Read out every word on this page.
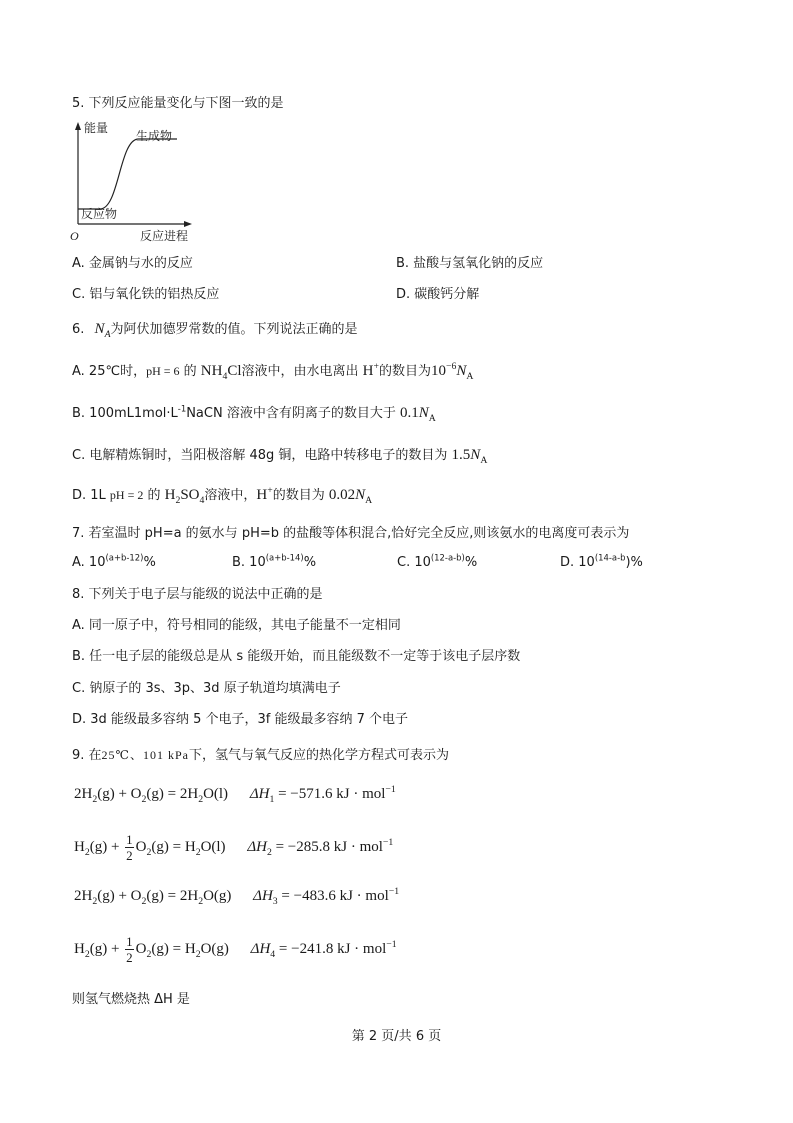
5. 下列反应能量变化与下图一致的是
能量
生成物
反应物
O	反应进程
A. 金属钠与水的反应	B. 盐酸与氢氧化钠的反应
C. 铝与氧化铁的铝热反应	D. 碳酸钙分解
6. $N_A$为阿伏加德罗常数的值。下列说法正确的是
A. 25℃时，pH = 6 的 $NH_4Cl$溶液中，由水电离出 H+的数目为$10^{-6}N_A$
B. $100mL1mol\cdot L^{-1}NaCN$ 溶液中含有阴离子的数目大于 $0.1N_A$
C. 电解精炼铜时，当阳极溶解 48g 铜，电路中转移电子的数目为 $1.5N_A$
D. 1L pH = 2 的 $H_2SO_4$溶液中，H+的数目为 $0.02N_A$
7. 若室温时 pH=a 的氨水与 pH=b 的盐酸等体积混合,恰好完全反应,则该氨水的电离度可表示为
A. $10^{(a+b-12)}\%$	B. $10^{(a+b-14)}\%$	C. 10$^{(12-a-b)}$%	D. 10$^{(14-a-b}$)%
8. 下列关于电子层与能级的说法中正确的是
A. 同一原子中，符号相同的能级，其电子能量不一定相同
B. 任一电子层的能级总是从 s 能级开始，而且能级数不一定等于该电子层序数
C. 钠原子的 3s、3p、3d 原子轨道均填满电子
D. 3d 能级最多容纳 5 个电子，3f 能级最多容纳 7 个电子
9. 在25℃、101 kPa下，氢气与氧气反应的热化学方程式可表示为
$2H_2(g) + O_2(g) = 2H_2O(l) \Delta H_1 = -571.6$ kJ · mol$^{-1}$
$H_2(g) + \frac{1}{2} O_2(g) = H_2O(l) \Delta H_2 = -285.8$ kJ · mol$^{-1}$
$2H_2(g) + O_2(g) = 2H_2O(g) \Delta H_3 = -483.6$ kJ · mol$^{-1}$
$H_2(g) + \frac{1}{2} O_2(g) = H_2O(g) \Delta H_4 = -241.8$ kJ · mol$^{-1}$
则氢气燃烧热 ΔH 是
第 2 页/共 6 页
